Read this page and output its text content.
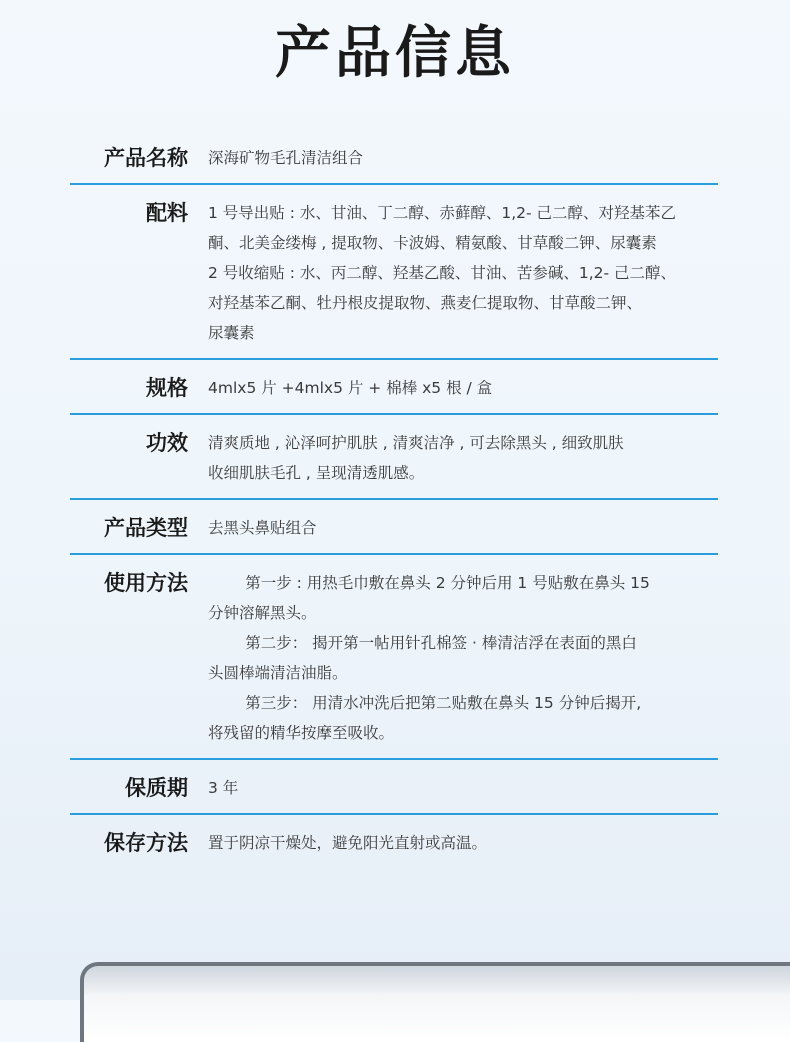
产品信息
产品名称 深海矿物毛孔清洁组合

配料 1 号导出贴 : 水、甘油、丁二醇、赤藓醇、1,2- 己二醇、对羟基苯乙

酮、北美金缕梅 , 提取物、卡波姆、精氨酸、甘草酸二钾、尿囊素

2 号收缩贴 : 水、丙二醇、羟基乙酸、甘油、苦参碱、1,2- 己二醇、

对羟基苯乙酮、牡丹根皮提取物、燕麦仁提取物、甘草酸二钾、

尿囊素

规格 4mlx5 片 +4mlx5 片 + 棉棒 x5 根 / 盒

功效 清爽质地 , 沁泽呵护肌肤 , 清爽洁净 , 可去除黑头 , 细致肌肤

收细肌肤毛孔 , 呈现清透肌感。

产品类型 去黑头鼻贴组合

使用方法	第一步 : 用热毛巾敷在鼻头 2 分钟后用 1 号贴敷在鼻头 15

分钟溶解黑头。

第二步： 揭开第一帖用针孔棉签 · 棒清洁浮在表面的黑白

头圆棒端清洁油脂。

第三步： 用清水冲洗后把第二贴敷在鼻头 15 分钟后揭开,

将残留的精华按摩至吸收。

保质期 3 年

保存方法 置于阴凉干燥处，避免阳光直射或高温。
